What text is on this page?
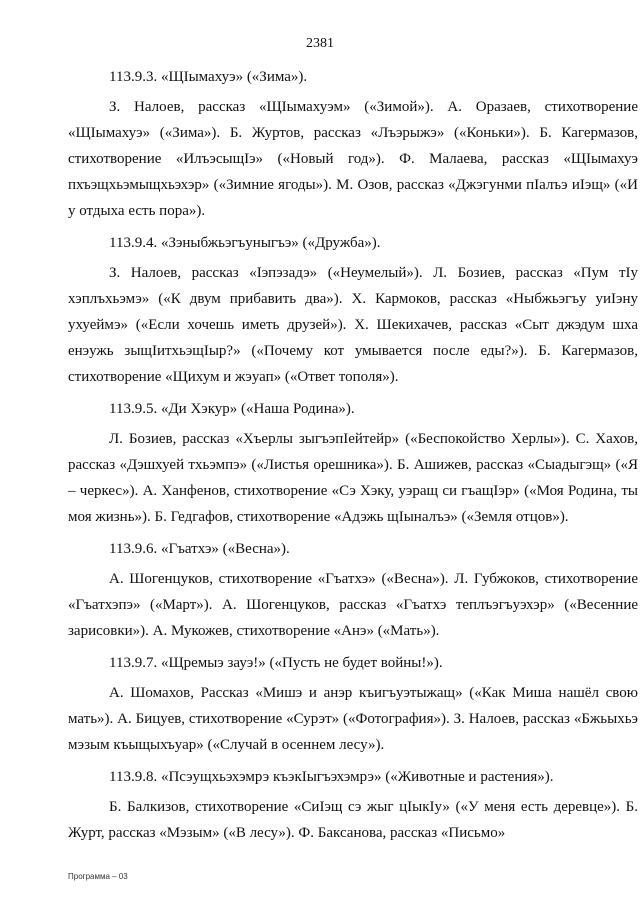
2381

113.9.3. «ЩІымахуэ» («Зима»).

З. Налоев, рассказ «ЩІымахуэм» («Зимой»). А. Оразаев, стихотворение «ЩІымахуэ» («Зима»). Б. Журтов, рассказ «Лъэрыжэ» («Коньки»). Б. Кагермазов, стихотворение «ИлъэсыщІэ» («Новый год»). Ф. Малаева, рассказ «ЩІымахуэ пхъэщхьэмыщхьэхэр» («Зимние ягоды»). М. Озов, рассказ «Джэгунми пІалъэ иІэщ» («И у отдыха есть пора»).

113.9.4. «Зэныбжьэгъуныгъэ» («Дружба»).

З. Налоев, рассказ «Іэпэзадэ» («Неумелый»). Л. Бозиев, рассказ «Пум тІу хэплъхьэмэ» («К двум прибавить два»). Х. Кармоков, рассказ «Ныбжьэгъу уиІэну ухуеймэ» («Если хочешь иметь друзей»). Х. Шекихачев, рассказ «Сыт джэдум шха енэужь зыщІитхьэщІыр?» («Почему кот умывается после еды?»). Б. Кагермазов, стихотворение «Щихум и жэуап» («Ответ тополя»).

113.9.5. «Ди Хэкур» («Наша Родина»).

Л. Бозиев, рассказ «Хъерлы зыгъэпІейтейр» («Беспокойство Херлы»). С. Хахов, рассказ «Дэшхуей тхьэмпэ» («Листья орешника»). Б. Ашижев, рассказ «Сыадыгэщ» («Я – черкес»). А. Ханфенов, стихотворение «Сэ Хэку, уэращ си гъащІэр» («Моя Родина, ты моя жизнь»). Б. Гедгафов, стихотворение «Адэжь щІыналъэ» («Земля отцов»).

113.9.6. «Гъатхэ» («Весна»).

А. Шогенцуков, стихотворение «Гъатхэ» («Весна»). Л. Губжоков, стихотворение «Гъатхэпэ» («Март»). А. Шогенцуков, рассказ «Гъатхэ теплъэгъуэхэр» («Весенние зарисовки»). А. Мукожев, стихотворение «Анэ» («Мать»).

113.9.7. «Щремыэ зауэ!» («Пусть не будет войны!»).

А. Шомахов, Рассказ «Мишэ и анэр къигъуэтыжащ» («Как Миша нашёл свою мать»). А. Бицуев, стихотворение «Сурэт» («Фотография»). З. Налоев, рассказ «Бжьыхьэ мэзым къыщыхъуар» («Случай в осеннем лесу»).

113.9.8. «Псэущхьэхэмрэ къэкІыгъэхэмрэ» («Животные и растения»).

Б. Балкизов, стихотворение «СиІэщ сэ жыг цІыкІу» («У меня есть деревце»). Б. Журт, рассказ «Мэзым» («В лесу»). Ф. Баксанова, рассказ «Письмо»

Программа – 03
